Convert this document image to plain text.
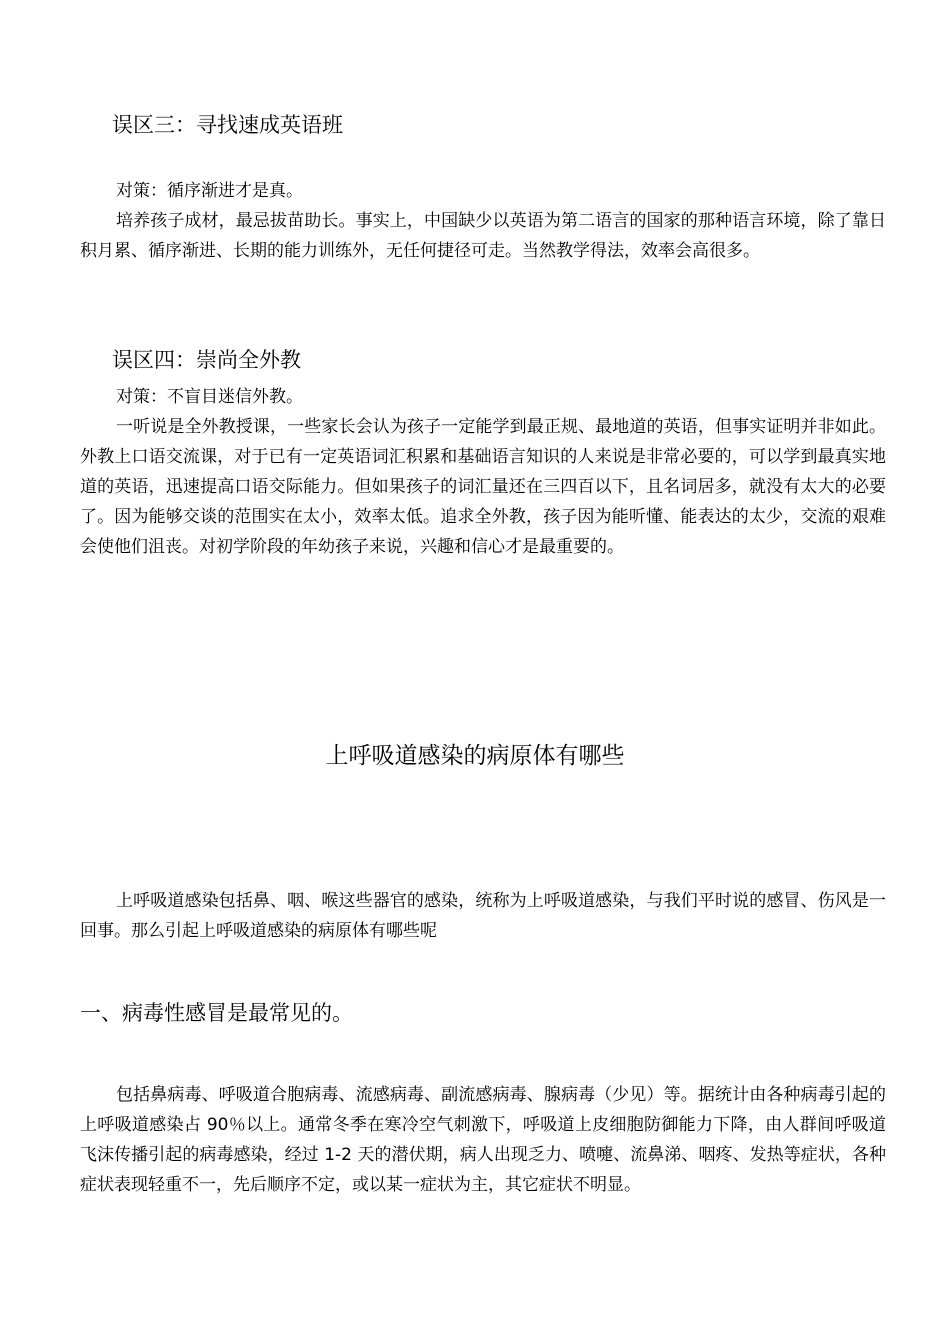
误区三：寻找速成英语班
对策：循序渐进才是真。
培养孩子成材，最忌拔苗助长。事实上，中国缺少以英语为第二语言的国家的那种语言环境，除了靠日积月累、循序渐进、长期的能力训练外，无任何捷径可走。当然教学得法，效率会高很多。
误区四：崇尚全外教
对策：不盲目迷信外教。
一听说是全外教授课，一些家长会认为孩子一定能学到最正规、最地道的英语，但事实证明并非如此。外教上口语交流课，对于已有一定英语词汇积累和基础语言知识的人来说是非常必要的，可以学到最真实地道的英语，迅速提高口语交际能力。但如果孩子的词汇量还在三四百以下，且名词居多，就没有太大的必要了。因为能够交谈的范围实在太小，效率太低。追求全外教，孩子因为能听懂、能表达的太少，交流的艰难会使他们沮丧。对初学阶段的年幼孩子来说，兴趣和信心才是最重要的。
上呼吸道感染的病原体有哪些
上呼吸道感染包括鼻、咽、喉这些器官的感染，统称为上呼吸道感染，与我们平时说的感冒、伤风是一回事。那么引起上呼吸道感染的病原体有哪些呢
一、病毒性感冒是最常见的。
包括鼻病毒、呼吸道合胞病毒、流感病毒、副流感病毒、腺病毒（少见）等。据统计由各种病毒引起的上呼吸道感染占 90％以上。通常冬季在寒冷空气刺激下，呼吸道上皮细胞防御能力下降，由人群间呼吸道飞沫传播引起的病毒感染，经过 1-2 天的潜伏期，病人出现乏力、喷嚏、流鼻涕、咽疼、发热等症状，各种症状表现轻重不一，先后顺序不定，或以某一症状为主，其它症状不明显。
